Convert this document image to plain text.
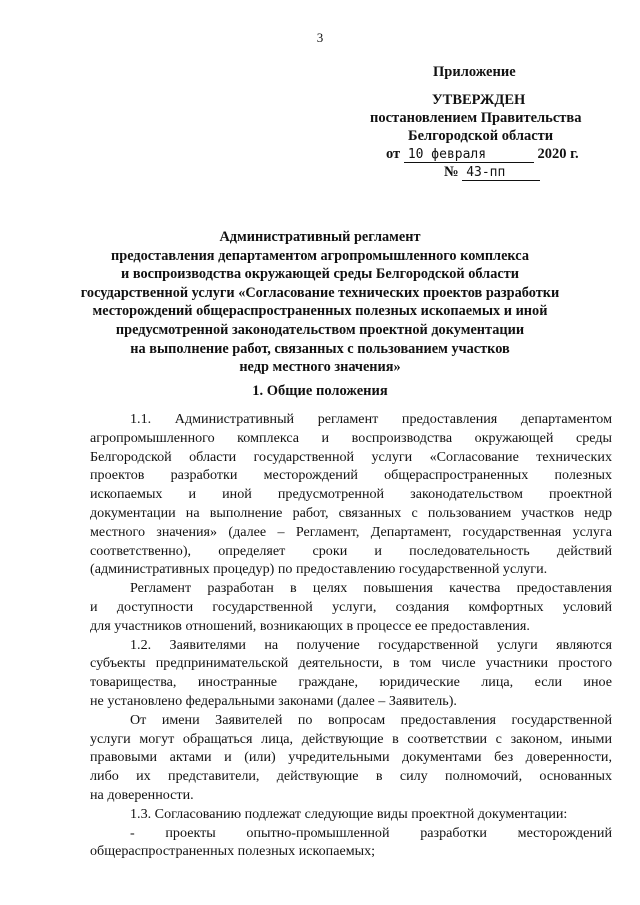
3
Приложение
УТВЕРЖДЕН
постановлением Правительства
Белгородской области
от 10 февраля	2020 г.
№ 43-пп
Административный регламент
предоставления департаментом агропромышленного комплекса
и воспроизводства окружающей среды Белгородской области
государственной услуги «Согласование технических проектов разработки
месторождений общераспространенных полезных ископаемых и иной
предусмотренной законодательством проектной документации
на выполнение работ, связанных с пользованием участков
недр местного значения»
1. Общие положения
1.1. Административный регламент предоставления департаментом
агропромышленного комплекса и воспроизводства окружающей среды
Белгородской области государственной услуги «Согласование технических
проектов разработки месторождений общераспространенных полезных
ископаемых и иной предусмотренной законодательством проектной
документации на выполнение работ, связанных с пользованием участков недр
местного значения» (далее – Регламент, Департамент, государственная услуга
соответственно), определяет сроки и последовательность действий
(административных процедур) по предоставлению государственной услуги.
Регламент разработан в целях повышения качества предоставления
и доступности государственной услуги, создания комфортных условий
для участников отношений, возникающих в процессе ее предоставления.
1.2. Заявителями на получение государственной услуги являются
субъекты предпринимательской деятельности, в том числе участники простого
товарищества, иностранные граждане, юридические лица, если иное
не установлено федеральными законами (далее – Заявитель).
От имени Заявителей по вопросам предоставления государственной
услуги могут обращаться лица, действующие в соответствии с законом, иными
правовыми актами и (или) учредительными документами без доверенности,
либо их представители, действующие в силу полномочий, основанных
на доверенности.
1.3. Согласованию подлежат следующие виды проектной документации:
- проекты опытно-промышленной разработки месторождений
общераспространенных полезных ископаемых;
